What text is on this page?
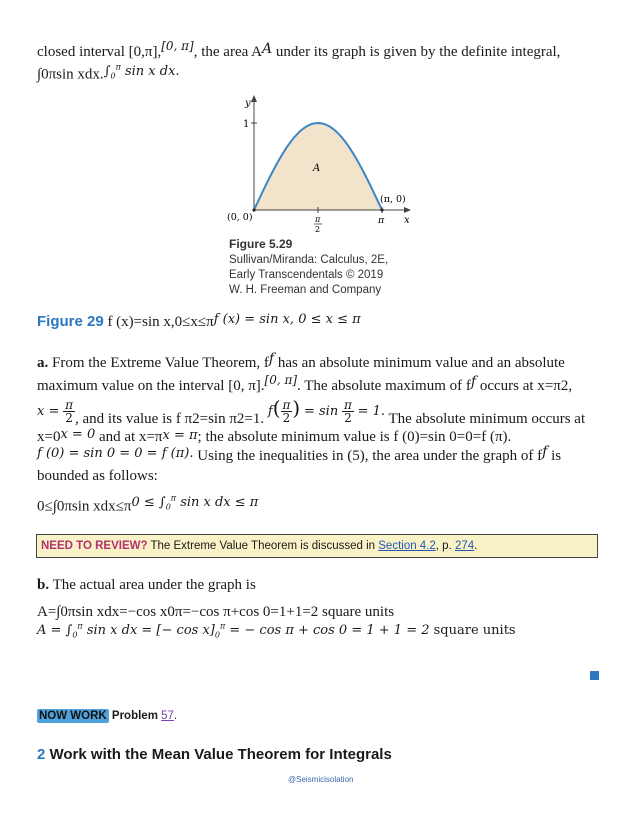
closed interval [0,π],[0, π], the area AA under its graph is given by the definite integral,
∫0πsin $xdx.\int_0^\pi$ sin x dx.
y
1
A
(0, 0)
(π, 0)
π
2
π x
Figure 5.29
Sullivan/Miranda: Calculus, 2E,
Early Transcendentals © 2019
W. H. Freeman and Company
Figure 29 f (x)=sin x,0≤x≤πf (x) = sin x, 0 ≤ x ≤ π
a. From the Extreme Value Theorem, ff has an absolute minimum value and an absolute
maximum value on the interval [0, π].[0, π]. The absolute maximum of ff occurs at x=π2,
$x = \frac{\pi}{2}$ , and its value is f π2=sin π2=1. $f( \frac{\pi}{2}$ ) = $\sin \frac{\pi}{2} = 1$. The absolute minimum occurs at
x=0x = 0 and at x=πx = π; the absolute minimum value is f (0)=sin 0=0=f (π).
f (0) = sin 0 = 0 = f (π). Using the inequalities in (5), the area under the graph of ff is
bounded as follows:
0≤∫0πsin $xdx\le\pi 0 \le \int_0^\pi$ sin x dx ≤ π
NEED TO REVIEW? The Extreme Value Theorem is discussed in Section 4.2, p. 274.
b. The actual area under the graph is
A=∫0πsin xdx=−cos x0π=−cos π+cos 0=1+1=2 square units
$A = \int_0^\pi$ sin x dx = [− $\cos x]_0^\pi$ = − cos π + cos 0 = 1 + 1 = 2 square units
NOW WORK Problem 57.
2 Work with the Mean Value Theorem for Integrals
@Seismicisolation
